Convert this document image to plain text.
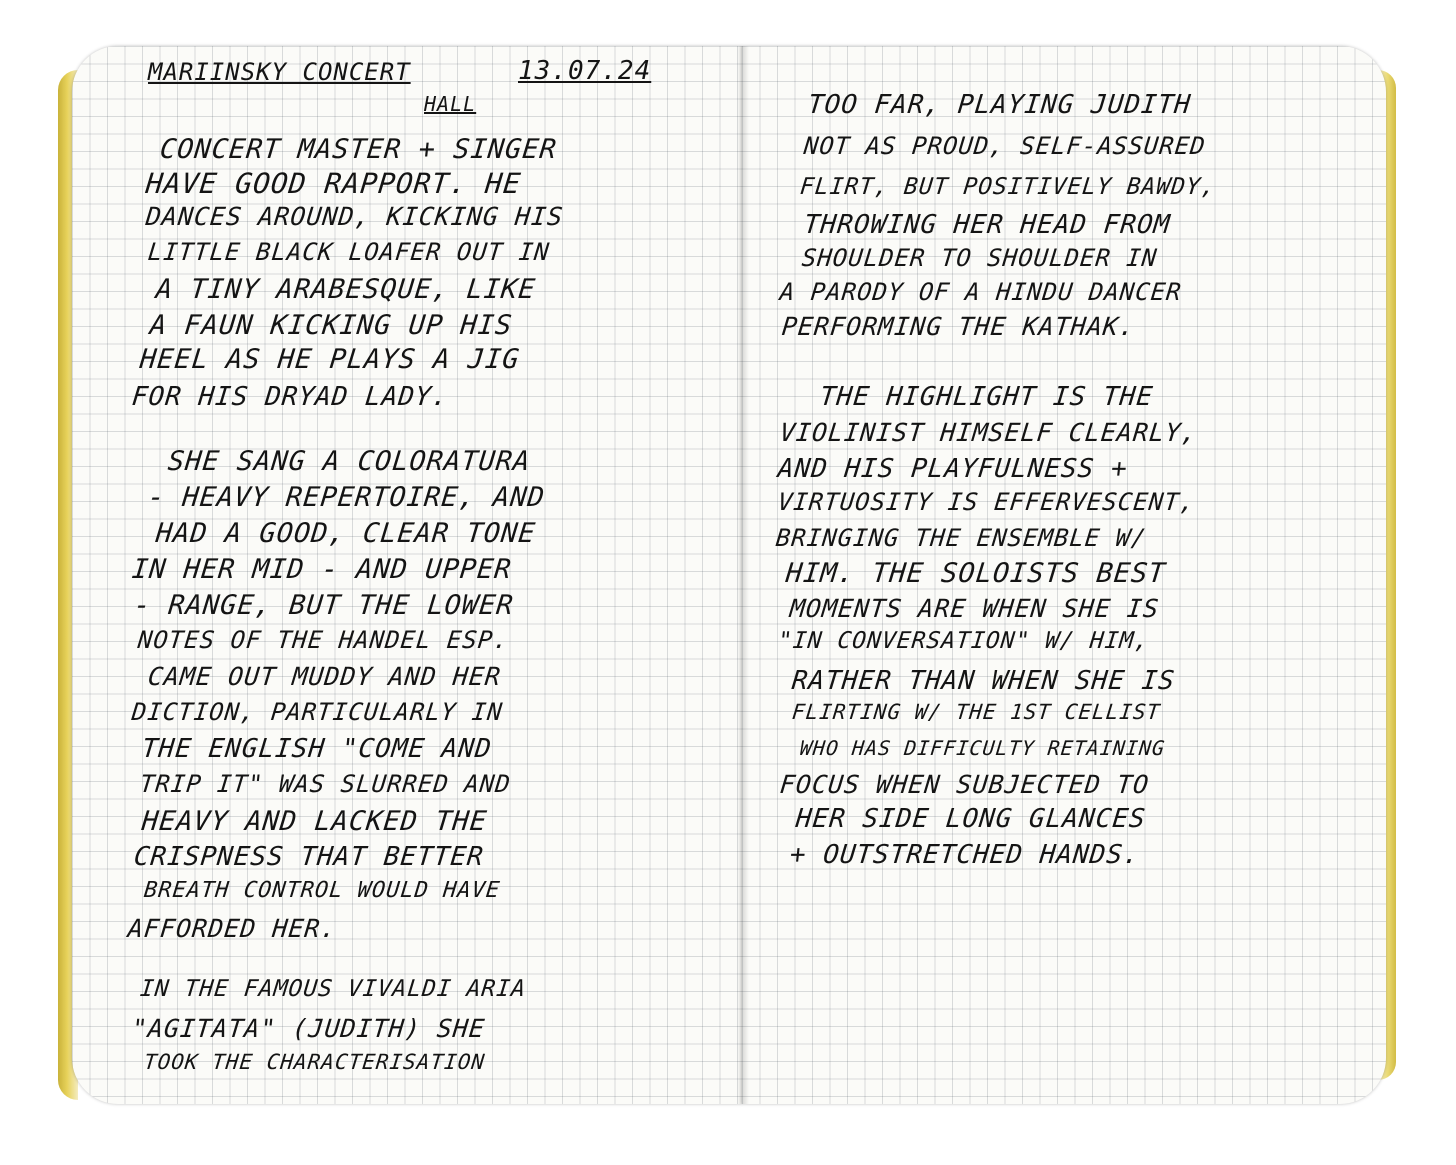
MARIINSKY CONCERT	13.07.24
HALL
CONCERT MASTER + SINGER
HAVE GOOD RAPPORT. HE
DANCES AROUND, KICKING HIS
LITTLE BLACK LOAFER OUT IN
A TINY ARABESQUE, LIKE
A FAUN KICKING UP HIS
HEEL AS HE PLAYS A JIG
FOR HIS DRYAD LADY.
SHE SANG A COLORATURA
- HEAVY REPERTOIRE, AND
HAD A GOOD, CLEAR TONE
IN HER MID - AND UPPER
- RANGE, BUT THE LOWER
NOTES OF THE HANDEL ESP.
CAME OUT MUDDY AND HER
DICTION, PARTICULARLY IN
THE ENGLISH "COME AND
TRIP IT" WAS SLURRED AND
HEAVY AND LACKED THE
CRISPNESS THAT BETTER
BREATH CONTROL WOULD HAVE
AFFORDED HER.
IN THE FAMOUS VIVALDI ARIA
"AGITATA" (JUDITH) SHE
TOOK THE CHARACTERISATION
TOO FAR, PLAYING JUDITH
NOT AS PROUD, SELF-ASSURED
FLIRT, BUT POSITIVELY BAWDY,
THROWING HER HEAD FROM
SHOULDER TO SHOULDER IN
A PARODY OF A HINDU DANCER
PERFORMING THE KATHAK.
THE HIGHLIGHT IS THE
VIOLINIST HIMSELF CLEARLY,
AND HIS PLAYFULNESS +
VIRTUOSITY IS EFFERVESCENT,
BRINGING THE ENSEMBLE W/
HIM. THE SOLOISTS BEST
MOMENTS ARE WHEN SHE IS
"IN CONVERSATION" W/ HIM,
RATHER THAN WHEN SHE IS
FLIRTING W/ THE 1ST CELLIST
WHO HAS DIFFICULTY RETAINING
FOCUS WHEN SUBJECTED TO
HER SIDE LONG GLANCES
+ OUTSTRETCHED HANDS.
